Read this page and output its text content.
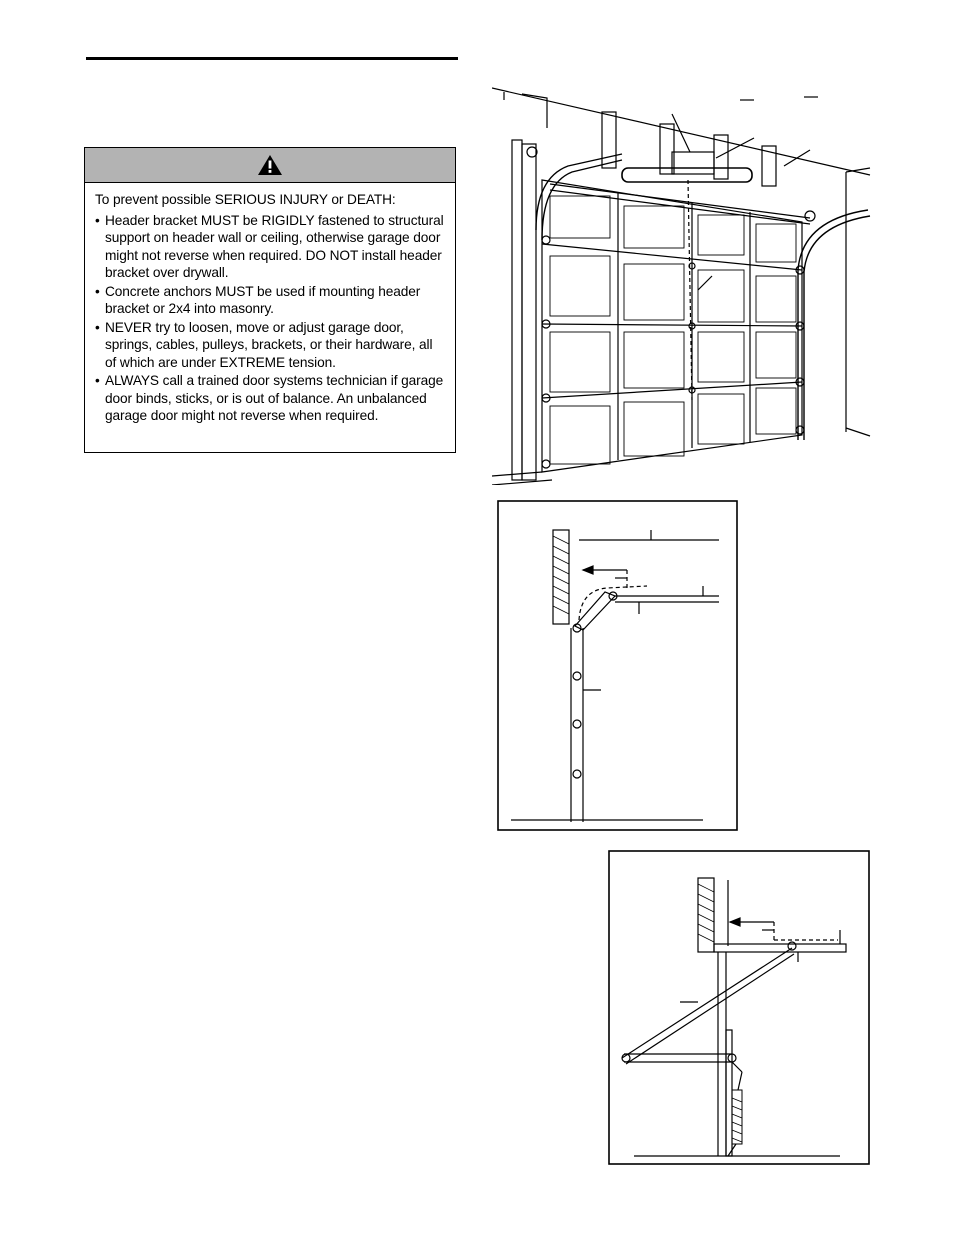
To prevent possible SERIOUS INJURY or DEATH:

• Header bracket MUST be RIGIDLY fastened to structural support on header wall or ceiling, otherwise garage door might not reverse when required. DO NOT install header bracket over drywall.
• Concrete anchors MUST be used if mounting header bracket or 2x4 into masonry.
• NEVER try to loosen, move or adjust garage door, springs, cables, pulleys, brackets, or their hardware, all of which are under EXTREME tension.
• ALWAYS call a trained door systems technician if garage door binds, sticks, or is out of balance. An unbalanced garage door might not reverse when required.
